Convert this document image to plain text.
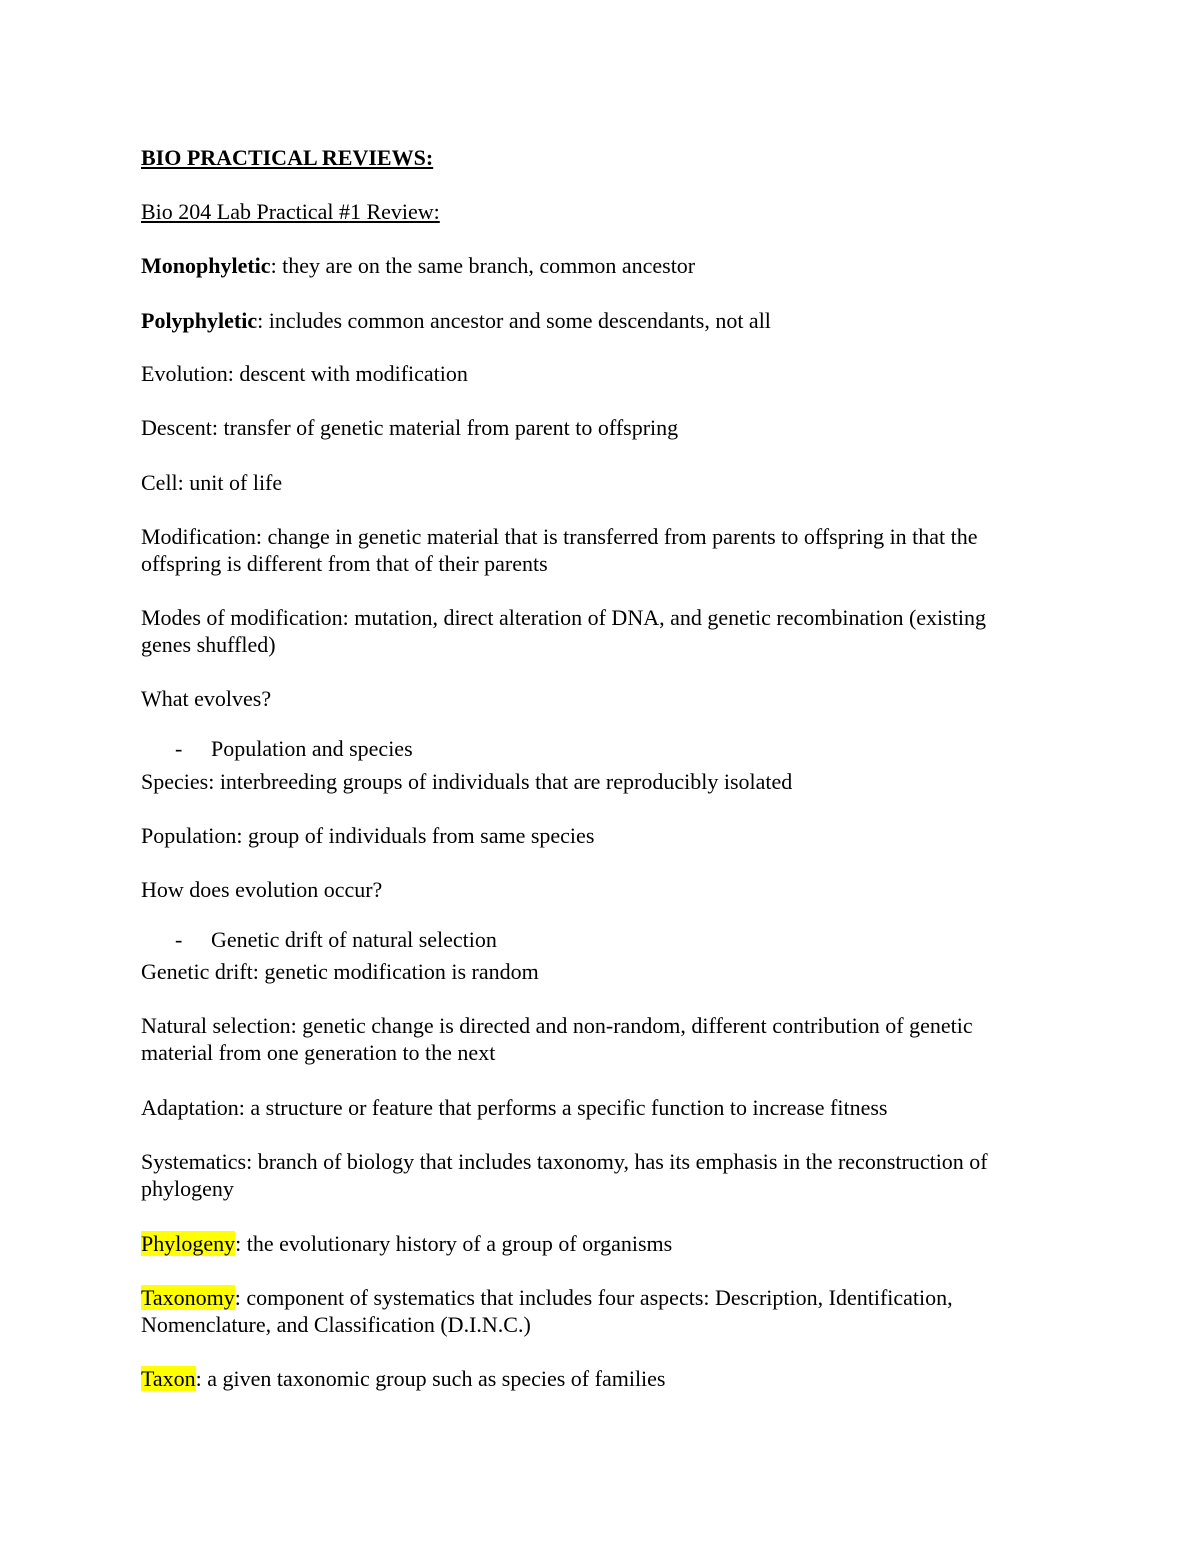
BIO PRACTICAL REVIEWS:

Bio 204 Lab Practical #1 Review:

Monophyletic: they are on the same branch, common ancestor

Polyphyletic: includes common ancestor and some descendants, not all

Evolution: descent with modification

Descent: transfer of genetic material from parent to offspring

Cell: unit of life

Modification: change in genetic material that is transferred from parents to offspring in that the

offspring is different from that of their parents

Modes of modification: mutation, direct alteration of DNA, and genetic recombination (existing

genes shuffled)

What evolves?

- Population and species

Species: interbreeding groups of individuals that are reproducibly isolated

Population: group of individuals from same species

How does evolution occur?

- Genetic drift of natural selection

Genetic drift: genetic modification is random

Natural selection: genetic change is directed and non-random, different contribution of genetic

material from one generation to the next

Adaptation: a structure or feature that performs a specific function to increase fitness

Systematics: branch of biology that includes taxonomy, has its emphasis in the reconstruction of

phylogeny

Phylogeny: the evolutionary history of a group of organisms

Taxonomy: component of systematics that includes four aspects: Description, Identification,

Nomenclature, and Classification (D.I.N.C.)

Taxon: a given taxonomic group such as species of families
